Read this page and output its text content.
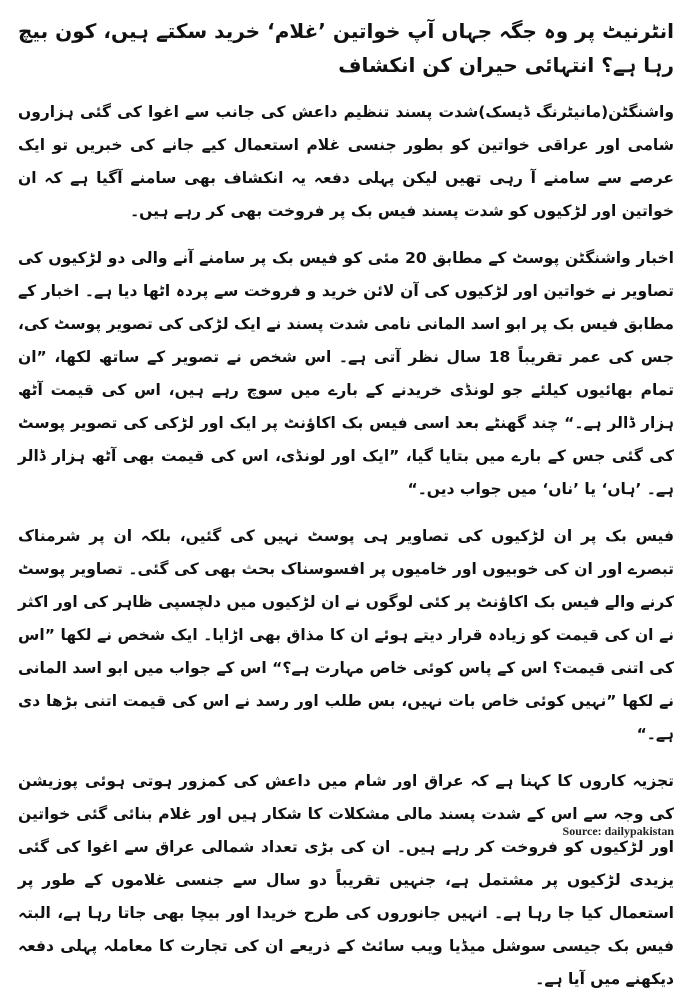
انٹرنیٹ پر وہ جگہ جہاں آپ خواتین ’غلام‘ خرید سکتے ہیں، کون بیچ رہا ہے؟ انتہائی حیران کن انکشاف

واشنگٹن(مانیٹرنگ ڈیسک)شدت پسند تنظیم داعش کی جانب سے اغوا کی گئی ہزاروں شامی اور عراقی خواتین کو بطور جنسی غلام استعمال کیے جانے کی خبریں تو ایک عرصے سے سامنے آ رہی تھیں لیکن پہلی دفعہ یہ انکشاف بھی سامنے آگیا ہے کہ ان خواتین اور لڑکیوں کو شدت پسند فیس بک پر فروخت بھی کر رہے ہیں۔

اخبار واشنگٹن پوسٹ کے مطابق 20 مئی کو فیس بک پر سامنے آنے والی دو لڑکیوں کی تصاویر نے خواتین اور لڑکیوں کی آن لائن خرید و فروخت سے پردہ اٹھا دیا ہے۔ اخبار کے مطابق فیس بک پر ابو اسد المانی نامی شدت پسند نے ایک لڑکی کی تصویر پوسٹ کی، جس کی عمر تقریباً 18 سال نظر آتی ہے۔ اس شخص نے تصویر کے ساتھ لکھا، ”ان تمام بھائیوں کیلئے جو لونڈی خریدنے کے بارے میں سوچ رہے ہیں، اس کی قیمت آٹھ ہزار ڈالر ہے۔“ چند گھنٹے بعد اسی فیس بک اکاﺅنٹ پر ایک اور لڑکی کی تصویر پوسٹ کی گئی جس کے بارے میں بتایا گیا، ”ایک اور لونڈی، اس کی قیمت بھی آٹھ ہزار ڈالر ہے۔ ’ہاں‘ یا ’ناں‘ میں جواب دیں۔“

فیس بک پر ان لڑکیوں کی تصاویر ہی پوسٹ نہیں کی گئیں، بلکہ ان پر شرمناک تبصرے اور ان کی خوبیوں اور خامیوں پر افسوسناک بحث بھی کی گئی۔ تصاویر پوسٹ کرنے والے فیس بک اکاﺅنٹ پر کئی لوگوں نے ان لڑکیوں میں دلچسپی ظاہر کی اور اکثر نے ان کی قیمت کو زیادہ قرار دیتے ہوئے ان کا مذاق بھی اڑایا۔ ایک شخص نے لکھا ”اس کی اتنی قیمت؟ اس کے پاس کوئی خاص مہارت ہے؟“ اس کے جواب میں ابو اسد المانی نے لکھا ”نہیں کوئی خاص بات نہیں، بس طلب اور رسد نے اس کی قیمت اتنی بڑھا دی ہے۔“

تجزیہ کاروں کا کہنا ہے کہ عراق اور شام میں داعش کی کمزور ہوتی ہوئی پوزیشن کی وجہ سے اس کے شدت پسند مالی مشکلات کا شکار ہیں اور غلام بنائی گئی خواتین اور لڑکیوں کو فروخت کر رہے ہیں۔ ان کی بڑی تعداد شمالی عراق سے اغوا کی گئی یزیدی لڑکیوں پر مشتمل ہے، جنہیں تقریباً دو سال سے جنسی غلاموں کے طور پر استعمال کیا جا رہا ہے۔ انہیں جانوروں کی طرح خریدا اور بیچا بھی جاتا رہا ہے، البتہ فیس بک جیسی سوشل میڈیا ویب سائٹ کے ذریعے ان کی تجارت کا معاملہ پہلی دفعہ دیکھنے میں آیا ہے۔

Source: dailypakistan
